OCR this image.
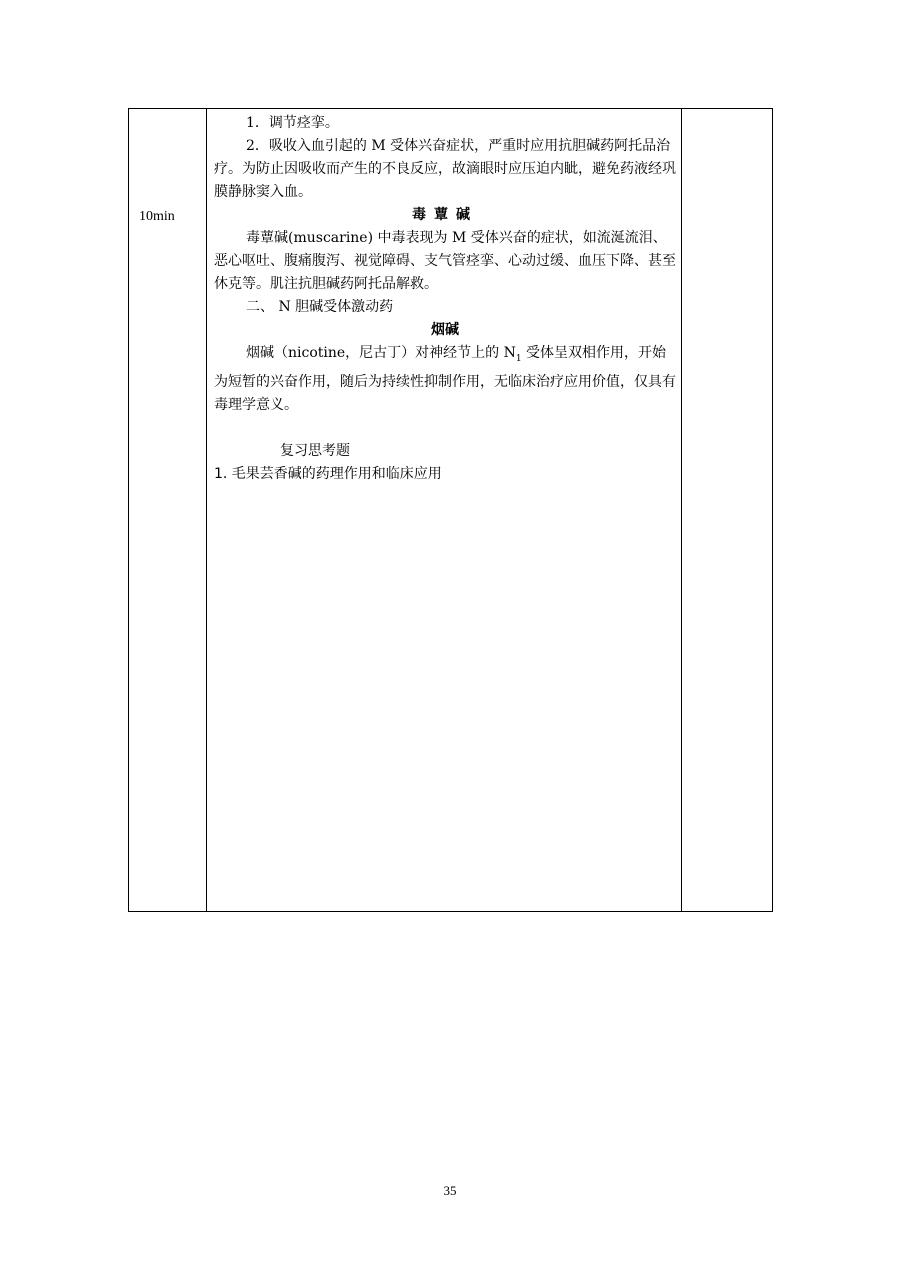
10min

1．调节痉挛。

2．吸收入血引起的 M 受体兴奋症状，严重时应用抗胆碱药阿托品治疗。为防止因吸收而产生的不良反应，故滴眼时应压迫内眦，避免药液经巩膜静脉窦入血。

毒蕈碱

毒蕈碱(muscarine) 中毒表现为 M 受体兴奋的症状，如流涎流泪、恶心呕吐、腹痛腹泻、视觉障碍、支气管痉挛、心动过缓、血压下降、甚至休克等。肌注抗胆碱药阿托品解救。

二、 N 胆碱受体激动药

烟碱

烟碱（nicotine，尼古丁）对神经节上的 $N_1$ 受体呈双相作用，开始为短暂的兴奋作用，随后为持续性抑制作用，无临床治疗应用价值，仅具有毒理学意义。

复习思考题

1. 毛果芸香碱的药理作用和临床应用

35
